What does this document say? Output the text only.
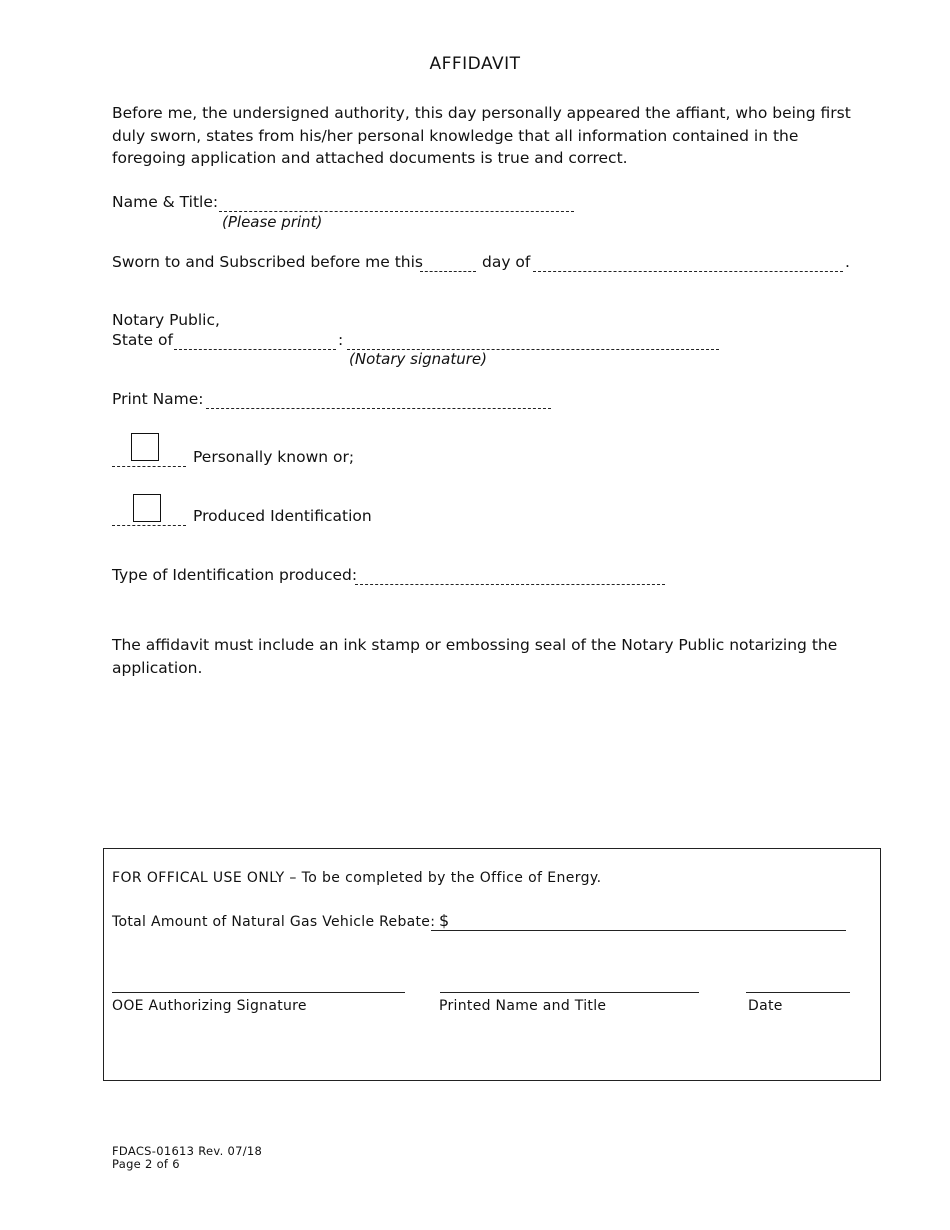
AFFIDAVIT
Before me, the undersigned authority, this day personally appeared the affiant, who being first duly sworn, states from his/her personal knowledge that all information contained in the foregoing application and attached documents is true and correct.
Name & Title:
(Please print)
Sworn to and Subscribed before me this	day of	.
Notary Public,
State of	:
(Notary signature)
Print Name:
Personally known or;
Produced Identification
Type of Identification produced:
The affidavit must include an ink stamp or embossing seal of the Notary Public notarizing the application.
FOR OFFICAL USE ONLY – To be completed by the Office of Energy.
Total Amount of Natural Gas Vehicle Rebate: $
OOE Authorizing Signature	Printed Name and Title	Date
FDACS-01613 Rev. 07/18
Page 2 of 6
